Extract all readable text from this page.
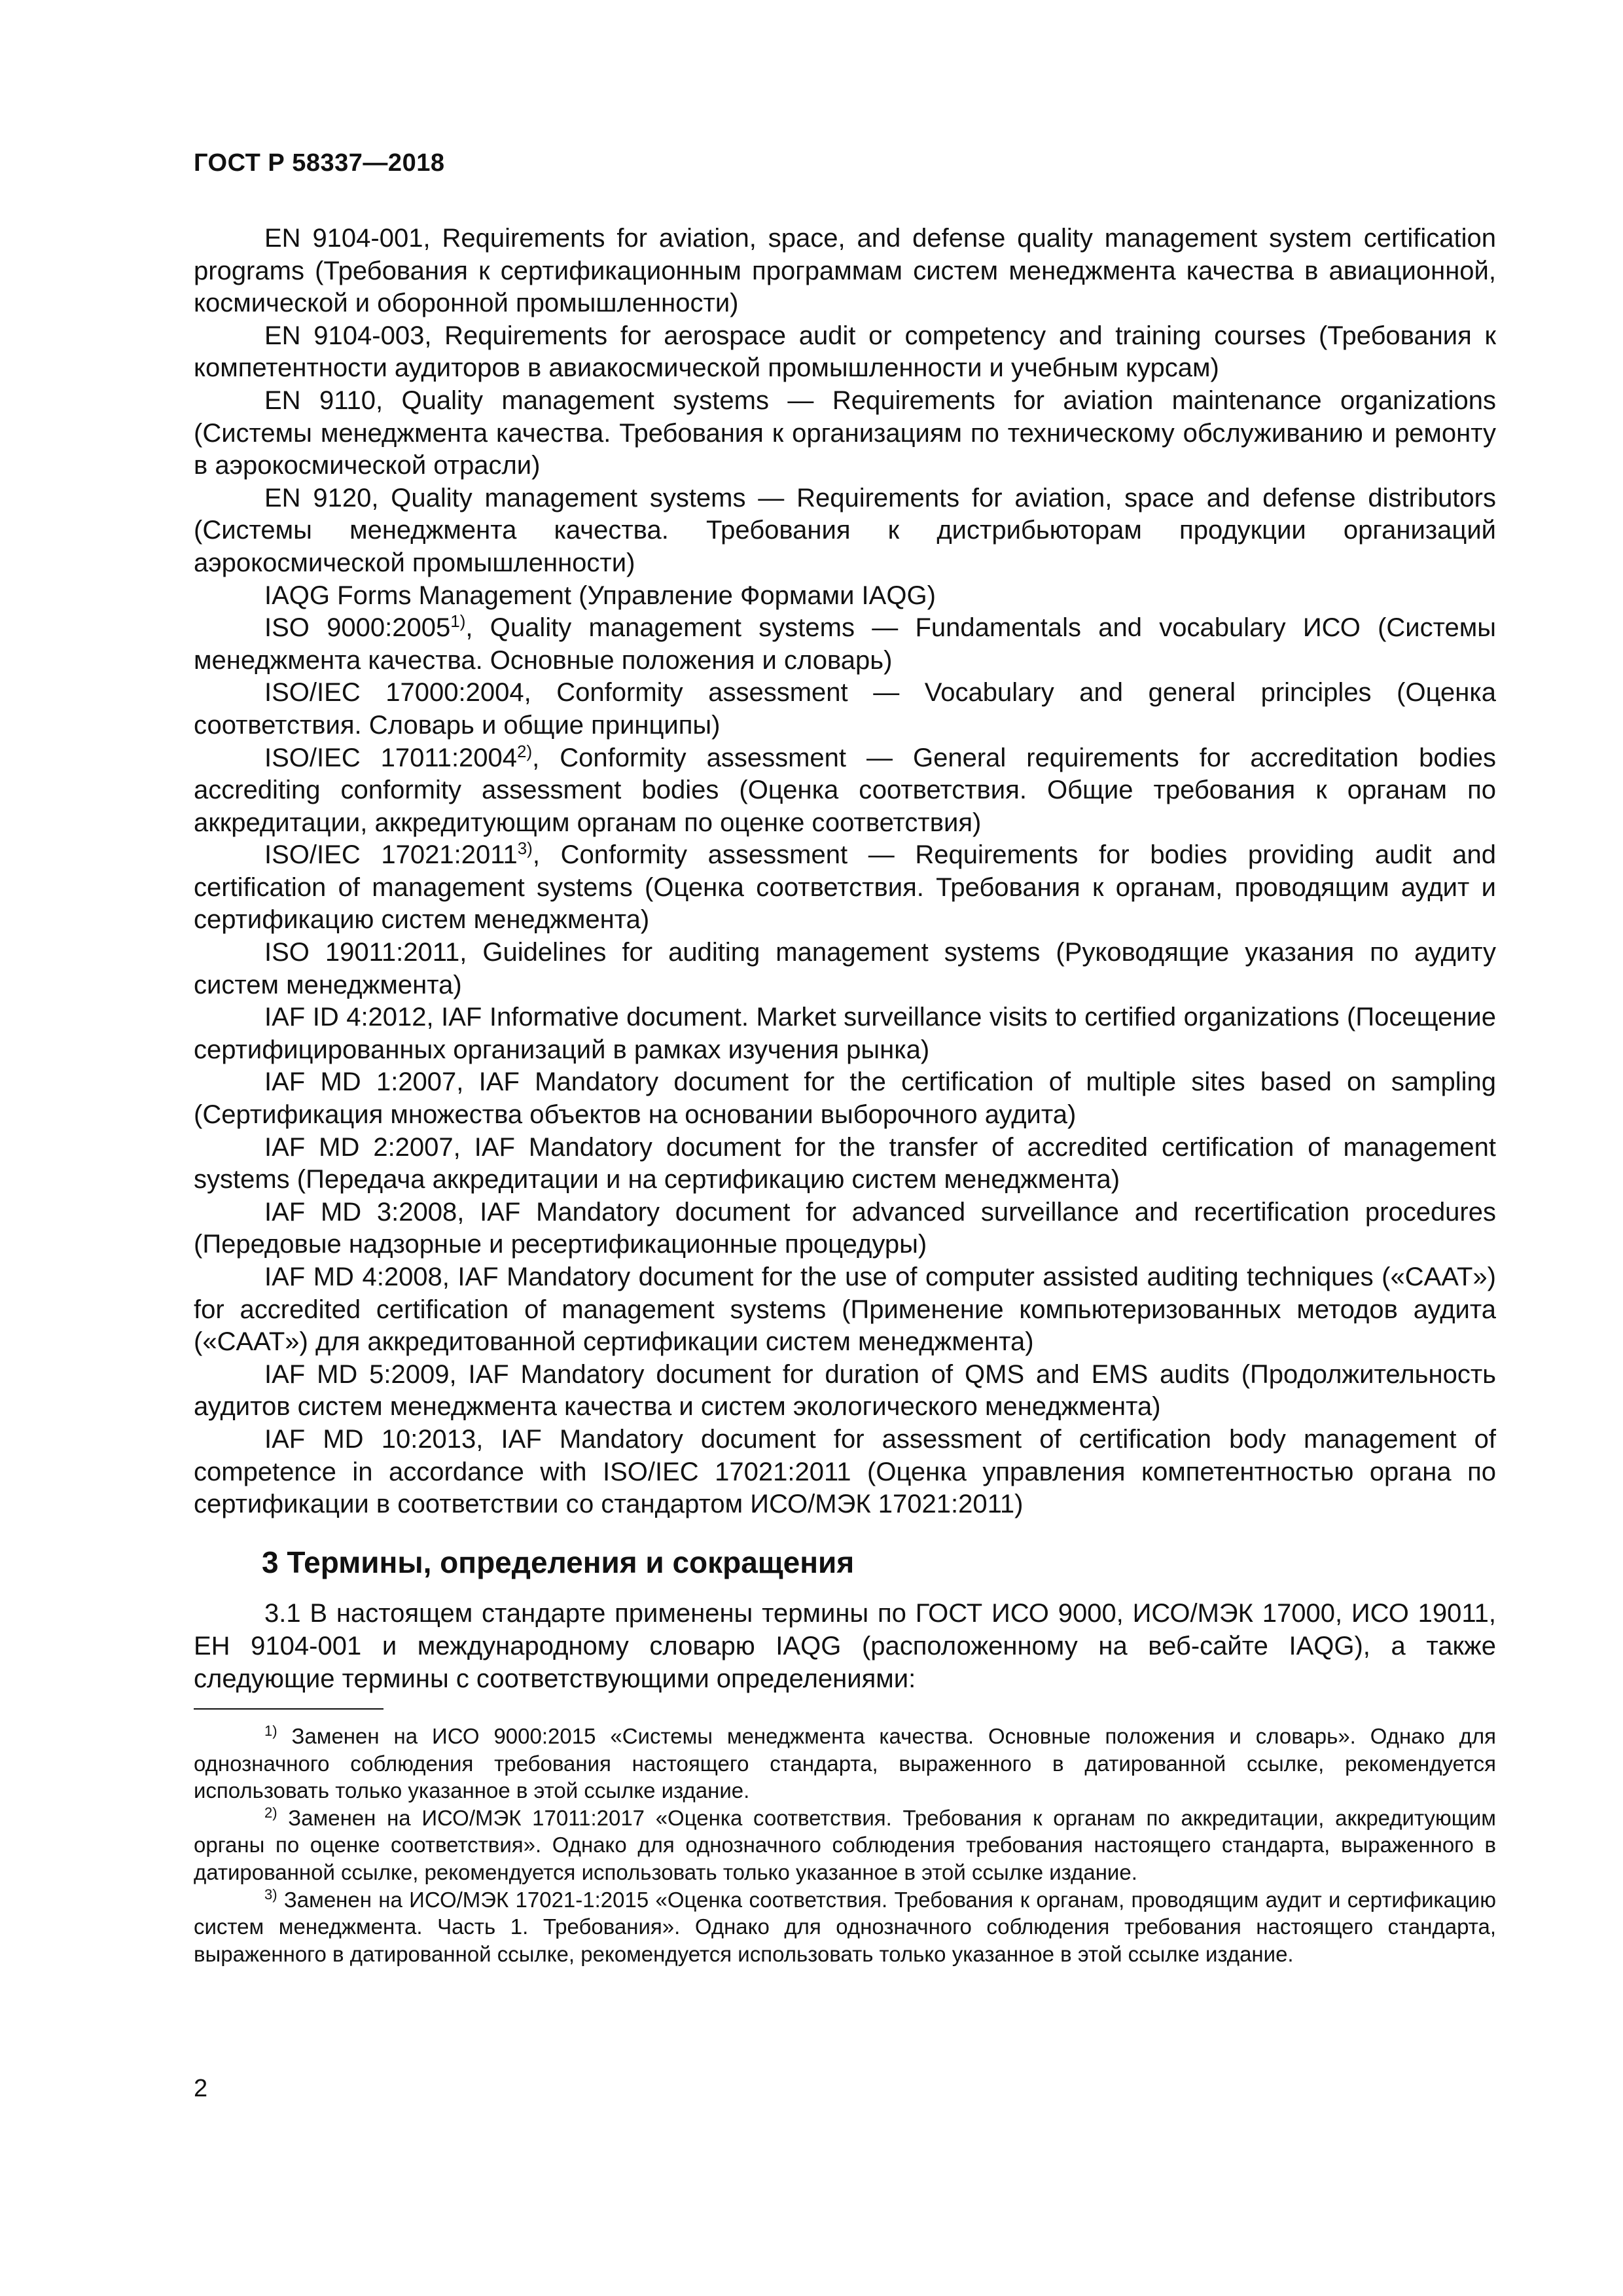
ГОСТ Р 58337—2018

EN 9104-001, Requirements for aviation, space, and defense quality management system certification programs (Требования к сертификационным программам систем менеджмента качества в авиационной, космической и оборонной промышленности)

EN 9104-003, Requirements for aerospace audit or competency and training courses (Требования к компетентности аудиторов в авиакосмической промышленности и учебным курсам)

EN 9110, Quality management systems — Requirements for aviation maintenance organizations (Системы менеджмента качества. Требования к организациям по техническому обслуживанию и ремонту в аэрокосмической отрасли)

EN 9120, Quality management systems — Requirements for aviation, space and defense distributors (Системы менеджмента качества. Требования к дистрибьюторам продукции организаций аэрокосмической промышленности)

IAQG Forms Management (Управление Формами IAQG)

ISO 9000:2005$^{1)}$, Quality management systems — Fundamentals and vocabulary ИСО (Системы менеджмента качества. Основные положения и словарь)

ISO/IEC 17000:2004, Conformity assessment — Vocabulary and general principles (Оценка соответствия. Словарь и общие принципы)

ISO/IEC 17011:2004$^{2)}$, Conformity assessment — General requirements for accreditation bodies accrediting conformity assessment bodies (Оценка соответствия. Общие требования к органам по аккредитации, аккредитующим органам по оценке соответствия)

ISO/IEC 17021:2011$^{3)}$, Conformity assessment — Requirements for bodies providing audit and certification of management systems (Оценка соответствия. Требования к органам, проводящим аудит и сертификацию систем менеджмента)

ISO 19011:2011, Guidelines for auditing management systems (Руководящие указания по аудиту систем менеджмента)

IAF ID 4:2012, IAF Informative document. Market surveillance visits to certified organizations (Посещение сертифицированных организаций в рамках изучения рынка)

IAF MD 1:2007, IAF Mandatory document for the certification of multiple sites based on sampling (Сертификация множества объектов на основании выборочного аудита)

IAF MD 2:2007, IAF Mandatory document for the transfer of accredited certification of management systems (Передача аккредитации и на сертификацию систем менеджмента)

IAF MD 3:2008, IAF Mandatory document for advanced surveillance and recertification procedures (Передовые надзорные и ресертификационные процедуры)

IAF MD 4:2008, IAF Mandatory document for the use of computer assisted auditing techniques («CAAT») for accredited certification of management systems (Применение компьютеризованных методов аудита («CAAT») для аккредитованной сертификации систем менеджмента)

IAF MD 5:2009, IAF Mandatory document for duration of QMS and EMS audits (Продолжительность аудитов систем менеджмента качества и систем экологического менеджмента)

IAF MD 10:2013, IAF Mandatory document for assessment of certification body management of competence in accordance with ISO/IEC 17021:2011 (Оценка управления компетентностью органа по сертификации в соответствии со стандартом ИСО/МЭК 17021:2011)

3 Термины, определения и сокращения

3.1 В настоящем стандарте применены термины по ГОСТ ИСО 9000, ИСО/МЭК 17000, ИСО 19011, ЕН 9104-001 и международному словарю IAQG (расположенному на веб-сайте IAQG), а также следующие термины с соответствующими определениями:

$^{1)}$ Заменен на ИСО 9000:2015 «Системы менеджмента качества. Основные положения и словарь». Однако для однозначного соблюдения требования настоящего стандарта, выраженного в датированной ссылке, рекомендуется использовать только указанное в этой ссылке издание.

$^{2)}$ Заменен на ИСО/МЭК 17011:2017 «Оценка соответствия. Требования к органам по аккредитации, аккредитующим органы по оценке соответствия». Однако для однозначного соблюдения требования настоящего стандарта, выраженного в датированной ссылке, рекомендуется использовать только указанное в этой ссылке издание.

$^{3)}$ Заменен на ИСО/МЭК 17021-1:2015 «Оценка соответствия. Требования к органам, проводящим аудит и сертификацию систем менеджмента. Часть 1. Требования». Однако для однозначного соблюдения требования настоящего стандарта, выраженного в датированной ссылке, рекомендуется использовать только указанное в этой ссылке издание.

2
